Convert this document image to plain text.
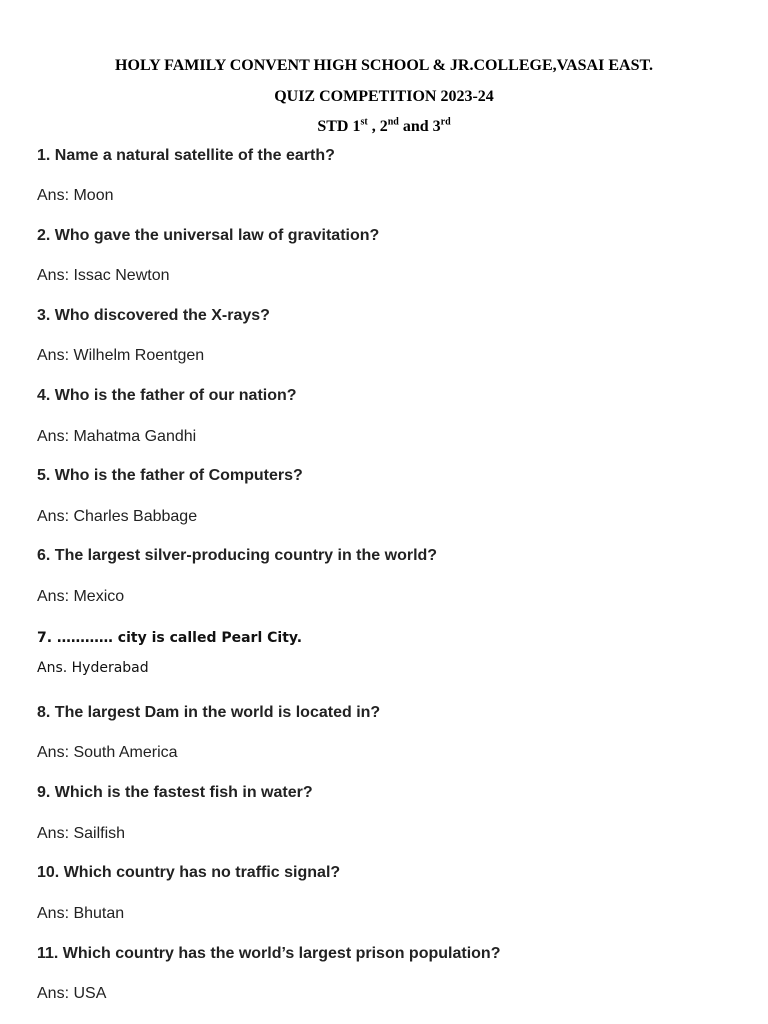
HOLY FAMILY CONVENT HIGH SCHOOL & JR.COLLEGE,VASAI EAST.
QUIZ COMPETITION 2023-24
STD 1st , 2nd and 3rd
1. Name a natural satellite of the earth?
Ans: Moon
2. Who gave the universal law of gravitation?
Ans: Issac Newton
3. Who discovered the X-rays?
Ans: Wilhelm Roentgen
4. Who is the father of our nation?
Ans: Mahatma Gandhi
5. Who is the father of Computers?
Ans: Charles Babbage
6. The largest silver-producing country in the world?
Ans: Mexico
7. ………… city is called Pearl City.
Ans. Hyderabad
8. The largest Dam in the world is located in?
Ans: South America
9. Which is the fastest fish in water?
Ans: Sailfish
10. Which country has no traffic signal?
Ans: Bhutan
11. Which country has the world’s largest prison population?
Ans: USA
